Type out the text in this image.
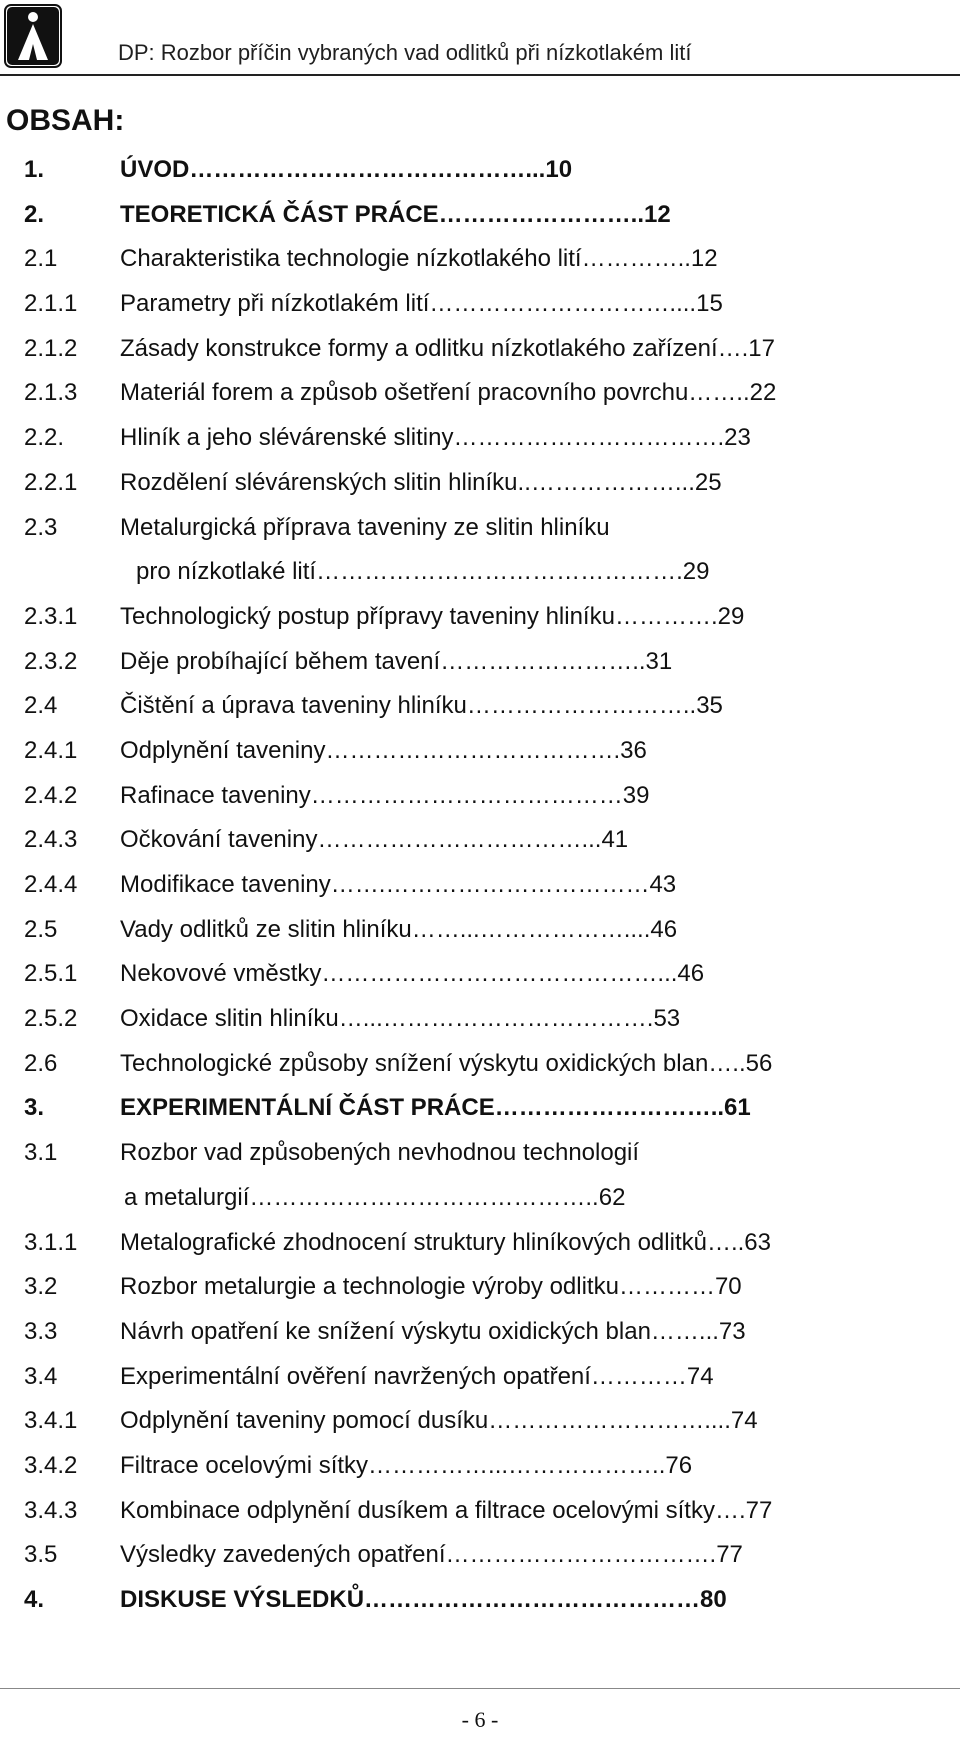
DP: Rozbor příčin vybraných vad odlitků při nízkotlakém lití
OBSAH:
1.	ÚVOD……………………………………...10
2.	TEORETICKÁ ČÁST PRÁCE……………………..12
2.1	Charakteristika technologie nízkotlakého lití…………..12
2.1.1 Parametry při nízkotlakém lití…………………………....15
2.1.2 Zásady konstrukce formy a odlitku nízkotlakého zařízení….17
2.1.3 Materiál forem a způsob ošetření pracovního povrchu……..22
2.2. Hliník a jeho slévárenské slitiny…………………………….23
2.2.1 Rozdělení slévárenských slitin hliníku..………………...25
2.3	Metalurgická příprava taveniny ze slitin hliníku
pro nízkotlaké lití……………………………………….29
2.3.1 Technologický postup přípravy taveniny hliníku………….29
2.3.2 Děje probíhající během tavení……………………..31
2.4	Čištění a úprava taveniny hliníku………………………..35
2.4.1 Odplynění taveniny……………………………….36
2.4.2 Rafinace taveniny…………………………………39
2.4.3 Očkování taveniny……………………………...41
2.4.4 Modifikace taveniny…….……………………………43
2.5	Vady odlitků ze slitin hliníku……...………………....46
2.5.1 Nekovové vměstky……………………………………...46
2.5.2 Oxidace slitin hliníku…...…………………………….53
2.6	Technologické způsoby snížení výskytu oxidických blan…..56
3.	EXPERIMENTÁLNÍ ČÁST PRÁCE………………………..61
3.1	Rozbor vad způsobených nevhodnou technologií
a metalurgií……………………………………..62
3.1.1 Metalografické zhodnocení struktury hliníkových odlitků…..63
3.2	Rozbor metalurgie a technologie výroby odlitku…………70
3.3	Návrh opatření ke snížení výskytu oxidických blan……...73
3.4	Experimentální ověření navržených opatření…………74
3.4.1 Odplynění taveniny pomocí dusíku………………………....74
3.4.2 Filtrace ocelovými sítky……………...………………..76
3.4.3 Kombinace odplynění dusíkem a filtrace ocelovými sítky….77
3.5	Výsledky zavedených opatření…………………………….77
4.	DISKUSE VÝSLEDKŮ……………………………………80
- 6 -
